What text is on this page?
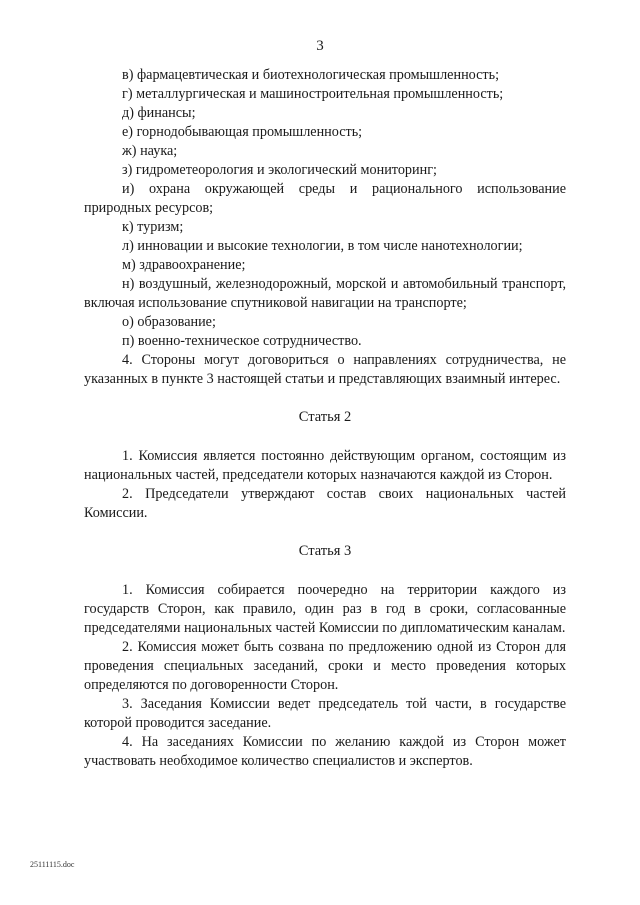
3
в) фармацевтическая и биотехнологическая промышленность;
г) металлургическая и машиностроительная промышленность;
д) финансы;
е) горнодобывающая промышленность;
ж) наука;
з) гидрометеорология и экологический мониторинг;
и) охрана окружающей среды и рационального использование природных ресурсов;
к) туризм;
л) инновации и высокие технологии, в том числе нанотехнологии;
м) здравоохранение;
н) воздушный, железнодорожный, морской и автомобильный транспорт, включая использование спутниковой навигации на транспорте;
о) образование;
п) военно-техническое сотрудничество.
4. Стороны могут договориться о направлениях сотрудничества, не указанных в пункте 3 настоящей статьи и представляющих взаимный интерес.
Статья 2
1. Комиссия является постоянно действующим органом, состоящим из национальных частей, председатели которых назначаются каждой из Сторон.
2. Председатели утверждают состав своих национальных частей Комиссии.
Статья 3
1. Комиссия собирается поочередно на территории каждого из государств Сторон, как правило, один раз в год в сроки, согласованные председателями национальных частей Комиссии по дипломатическим каналам.
2. Комиссия может быть созвана по предложению одной из Сторон для проведения специальных заседаний, сроки и место проведения которых определяются по договоренности Сторон.
3. Заседания Комиссии ведет председатель той части, в государстве которой проводится заседание.
4. На заседаниях Комиссии по желанию каждой из Сторон может участвовать необходимое количество специалистов и экспертов.
25111115.doc
